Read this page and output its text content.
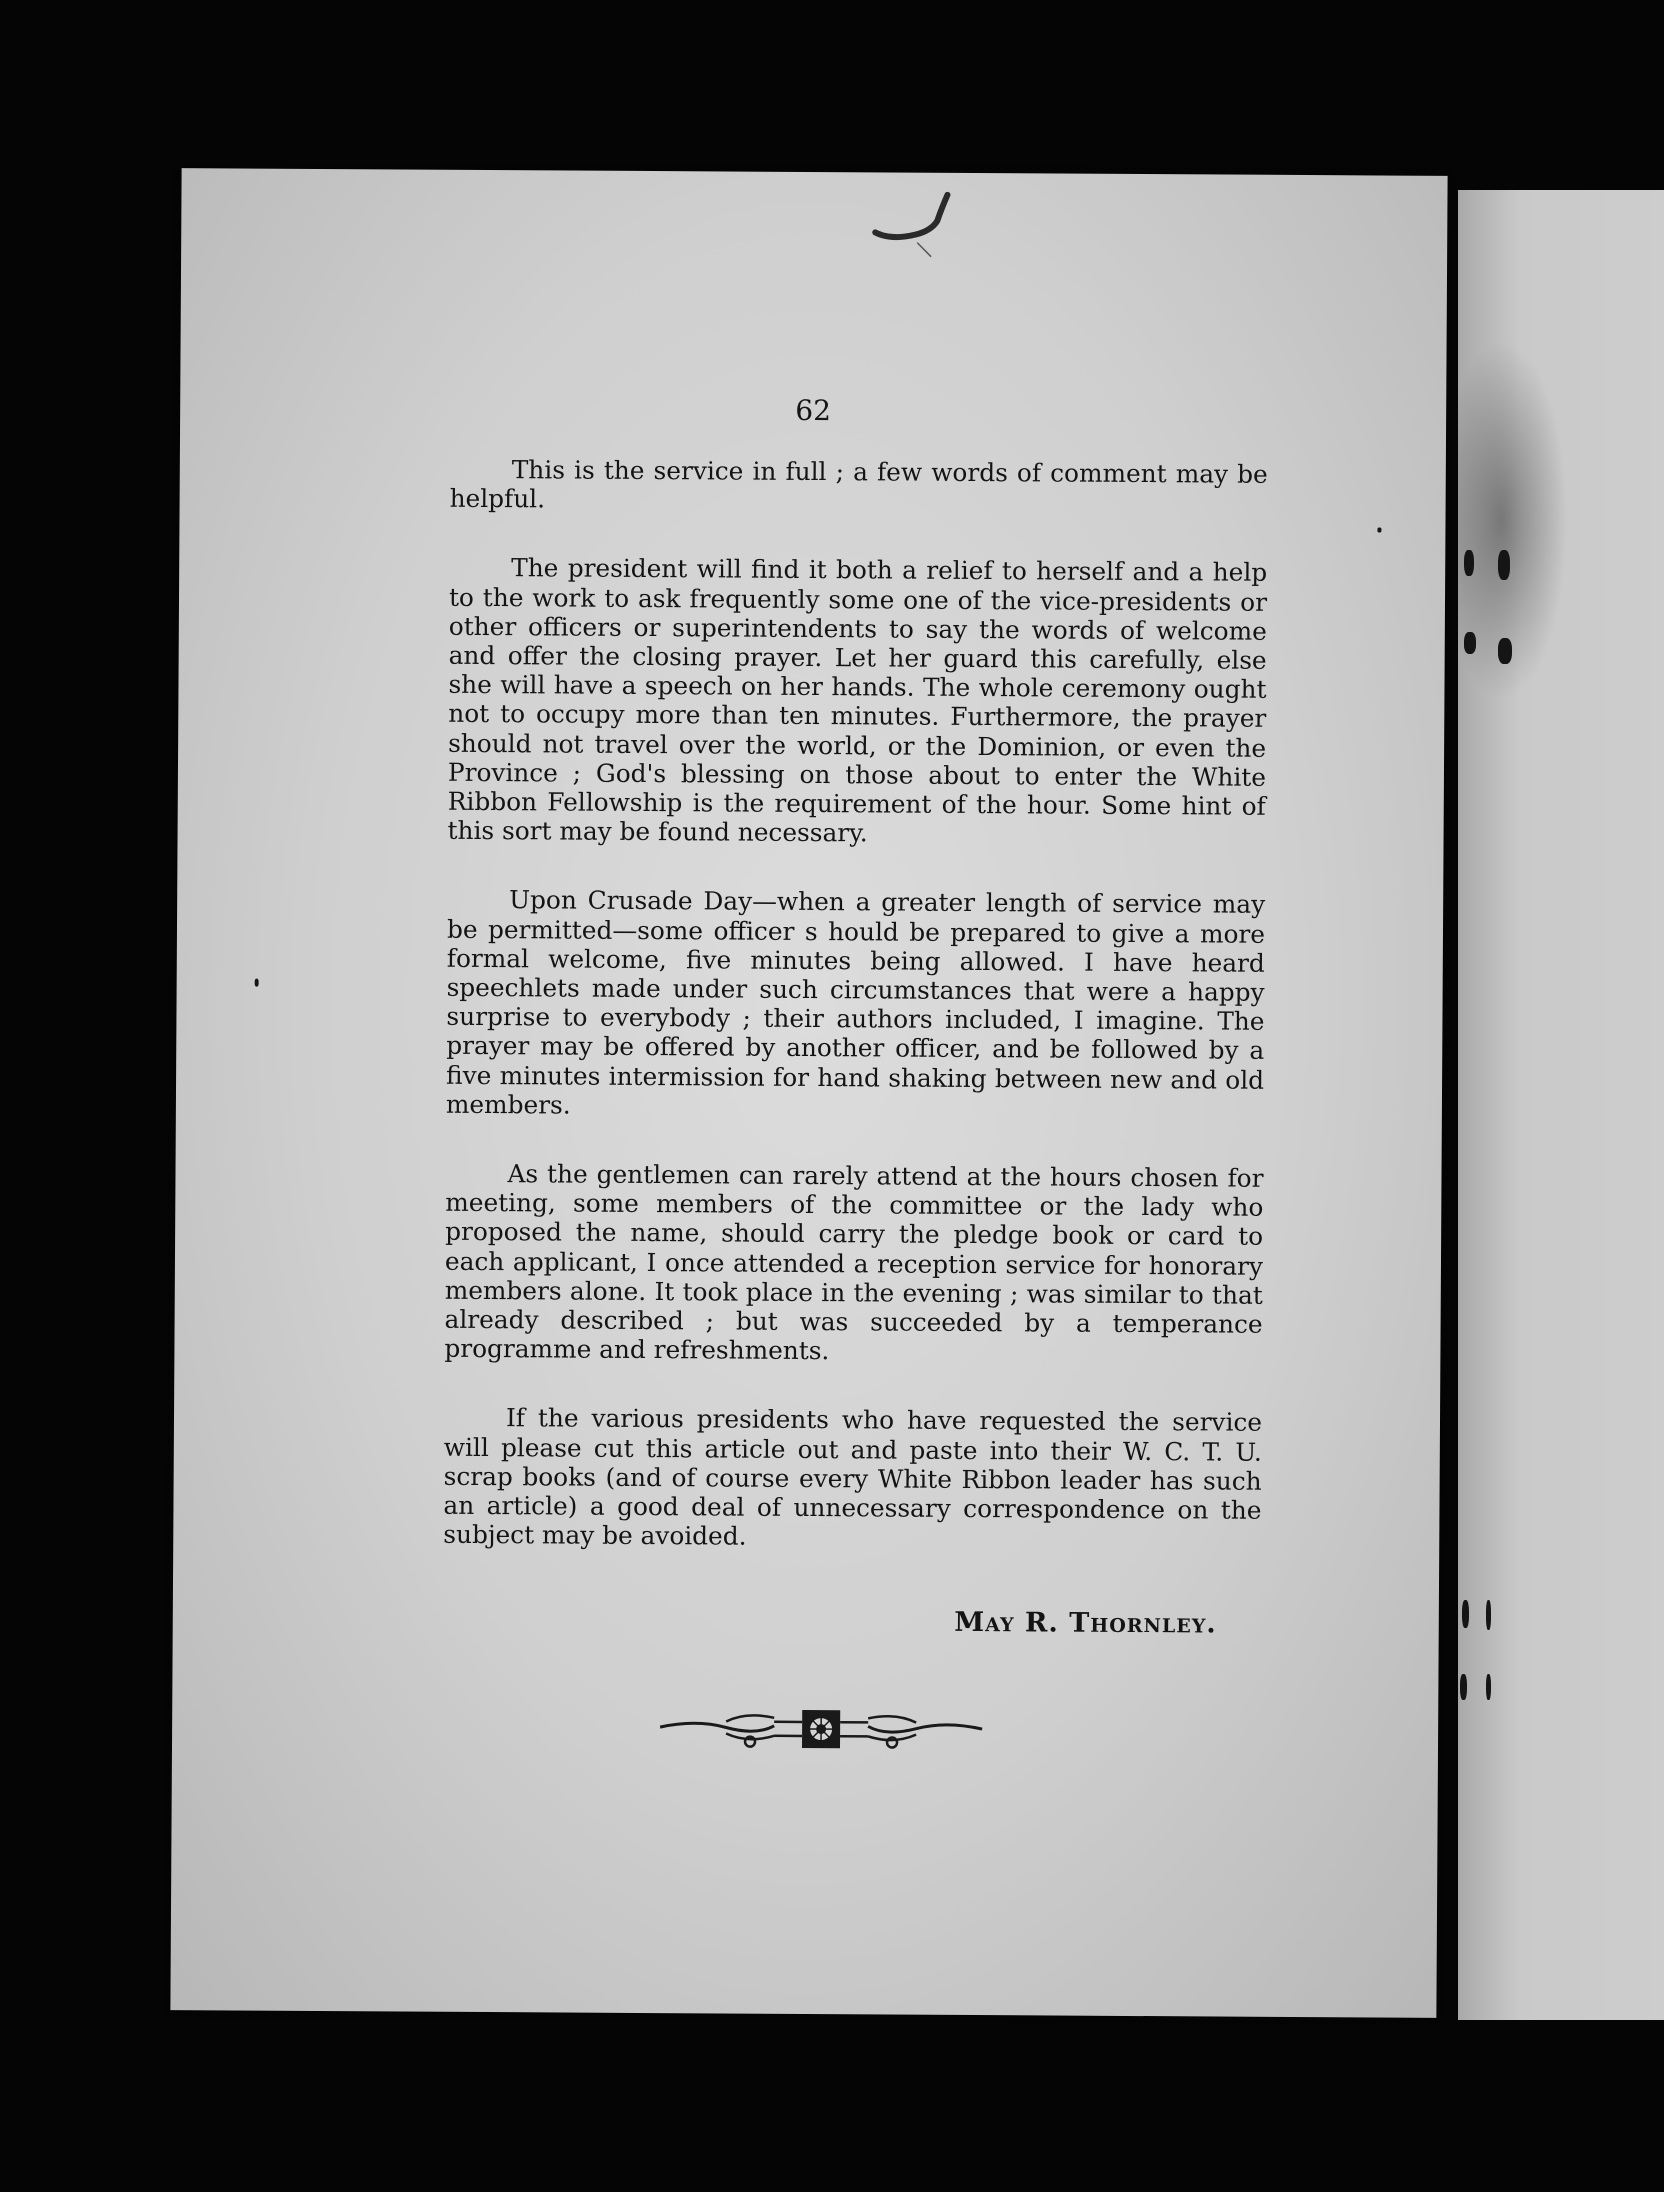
62

This is the service in full ; a few words of comment may be helpful.

The president will find it both a relief to herself and a help to the work to ask frequently some one of the vice-presidents or other officers or superintendents to say the words of welcome and offer the closing prayer. Let her guard this carefully, else she will have a speech on her hands. The whole ceremony ought not to occupy more than ten minutes. Furthermore, the prayer should not travel over the world, or the Dominion, or even the Province ; God's blessing on those about to enter the White Ribbon Fellowship is the requirement of the hour. Some hint of this sort may be found necessary.

Upon Crusade Day—when a greater length of service may be permitted—some officer s hould be prepared to give a more formal welcome, five minutes being allowed. I have heard speechlets made under such circumstances that were a happy surprise to everybody ; their authors included, I imagine. The prayer may be offered by another officer, and be followed by a five minutes intermission for hand shaking between new and old members.

As the gentlemen can rarely attend at the hours chosen for meeting, some members of the committee or the lady who proposed the name, should carry the pledge book or card to each applicant, I once attended a reception service for honorary members alone. It took place in the evening ; was similar to that already described ; but was succeeded by a temperance programme and refreshments.

If the various presidents who have requested the service will please cut this article out and paste into their W. C. T. U. scrap books (and of course every White Ribbon leader has such an article) a good deal of unnecessary correspondence on the subject may be avoided.

May R. Thornley.
